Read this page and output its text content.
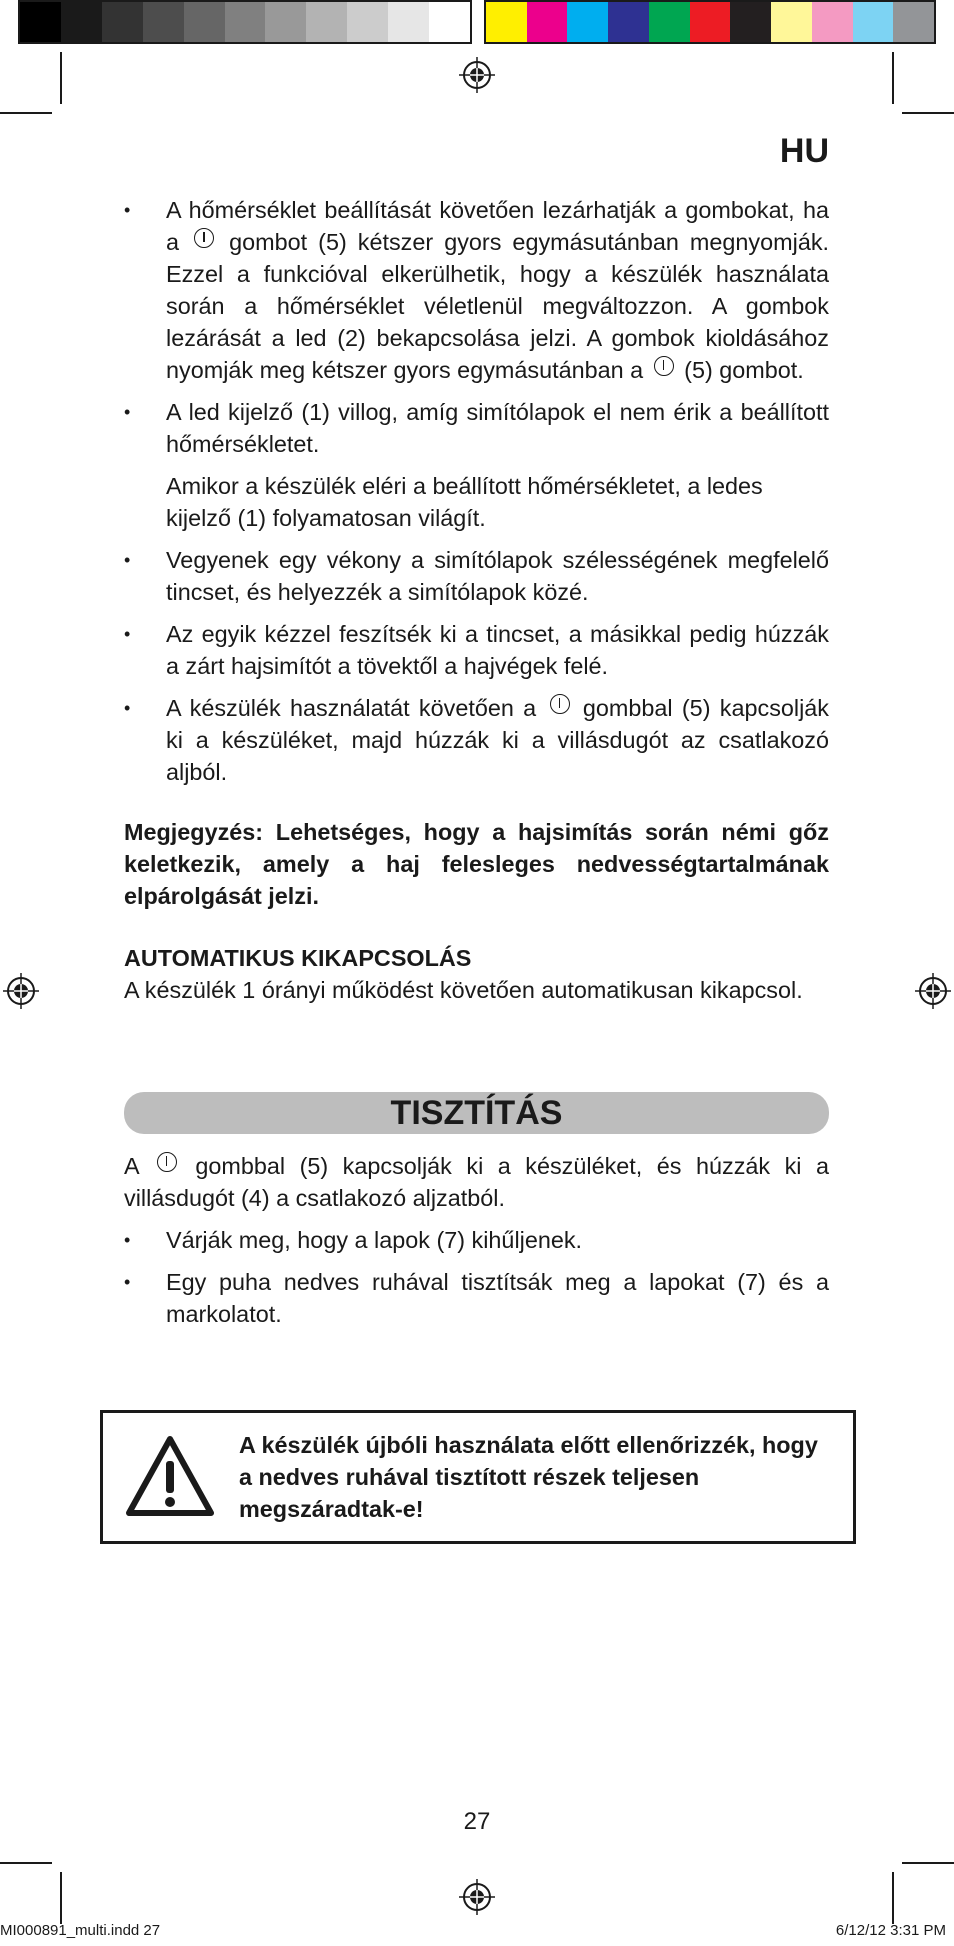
HU
• A hőmérséklet beállítását követően lezárhatják a gombokat, ha a gombot (5) kétszer gyors egymásutánban megnyomják. Ezzel a funkcióval elkerülhetik, hogy a készülék használata során a hőmérséklet véletlenül megváltozzon. A gombok lezárását a led (2) bekapcsolása jelzi. A gombok kioldásához nyomják meg kétszer gyors egymásutánban a (5) gombot.
• A led kijelző (1) villog, amíg simítólapok el nem érik a beállított hőmérsékletet.
Amikor a készülék eléri a beállított hőmérsékletet, a ledes kijelző (1) folyamatosan világít.
• Vegyenek egy vékony a simítólapok szélességének megfelelő tincset, és helyezzék a simítólapok közé.
• Az egyik kézzel feszítsék ki a tincset, a másikkal pedig húzzák a zárt hajsimítót a tövektől a hajvégek felé.
• A készülék használatát követően a gombbal (5) kapcsolják ki a készüléket, majd húzzák ki a villásdugót az csatlakozó aljból.

Megjegyzés: Lehetséges, hogy a hajsimítás során némi gőz keletkezik, amely a haj felesleges nedvességtartalmának elpárolgását jelzi.

AUTOMATIKUS KIKAPCSOLÁS

A készülék 1 órányi működést követően automatikusan kikapcsol.

TISZTÍTÁS

A gombbal (5) kapcsolják ki a készüléket, és húzzák ki a villásdugót (4) a csatlakozó aljzatból.

• Várják meg, hogy a lapok (7) kihűljenek.
• Egy puha nedves ruhával tisztítsák meg a lapokat (7) és a markolatot.
A készülék újbóli használata előtt ellenőrizzék, hogy a nedves ruhával tisztított részek teljesen megszáradtak-e!
27
MI000891_multi.indd 27	6/12/12 3:31 PM
